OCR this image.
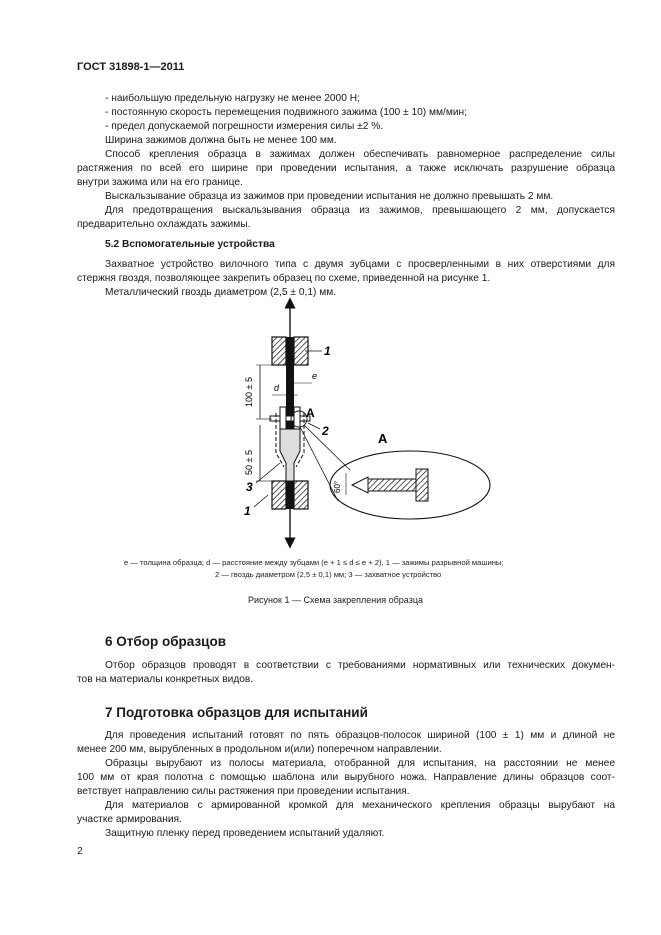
ГОСТ 31898-1—2011
- наибольшую предельную нагрузку не менее 2000 Н;
- постоянную скорость перемещения подвижного зажима (100 ± 10) мм/мин;
- предел допускаемой погрешности измерения силы ±2 %.
Ширина зажимов должна быть не менее 100 мм.
Способ крепления образца в зажимах должен обеспечивать равномерное распределение силы
растяжения по всей его ширине при проведении испытания, а также исключать разрушение образца
внутри зажима или на его границе.
Выскальзывание образца из зажимов при проведении испытания не должно превышать 2 мм.
Для предотвращения выскальзывания образца из зажимов, превышающего 2 мм, допускается
предварительно охлаждать зажимы.
5.2 Вспомогательные устройства
Захватное устройство вилочного типа с двумя зубцами с просверленными в них отверстиями для
стержня гвоздя, позволяющее закрепить образец по схеме, приведенной на рисунке 1.
Металлический гвоздь диаметром (2,5 ± 0,1) мм.
1
e
d
A
2	A
100 ± 5
50 ± 5
3
1
60°
e — толщина образца; d — расстояние между зубцами (e + 1 ≤ d ≤ e + 2), 1 — зажимы разрывной машины;
2 — гвоздь диаметром (2,5 ± 0,1) мм; 3 — захватное устройство
Рисунок 1 — Схема закрепления образца
6 Отбор образцов
Отбор образцов проводят в соответствии с требованиями нормативных или технических докумен-
тов на материалы конкретных видов.
7 Подготовка образцов для испытаний
Для проведения испытаний готовят по пять образцов-полосок шириной (100 ± 1) мм и длиной не
менее 200 мм, вырубленных в продольном и(или) поперечном направлении.
Образцы вырубают из полосы материала, отобранной для испытания, на расстоянии не менее
100 мм от края полотна с помощью шаблона или вырубного ножа. Направление длины образцов соот-
ветствует направлению силы растяжения при проведении испытания.
Для материалов с армированной кромкой для механического крепления образцы вырубают на
участке армирования.
Защитную пленку перед проведением испытаний удаляют.
2
